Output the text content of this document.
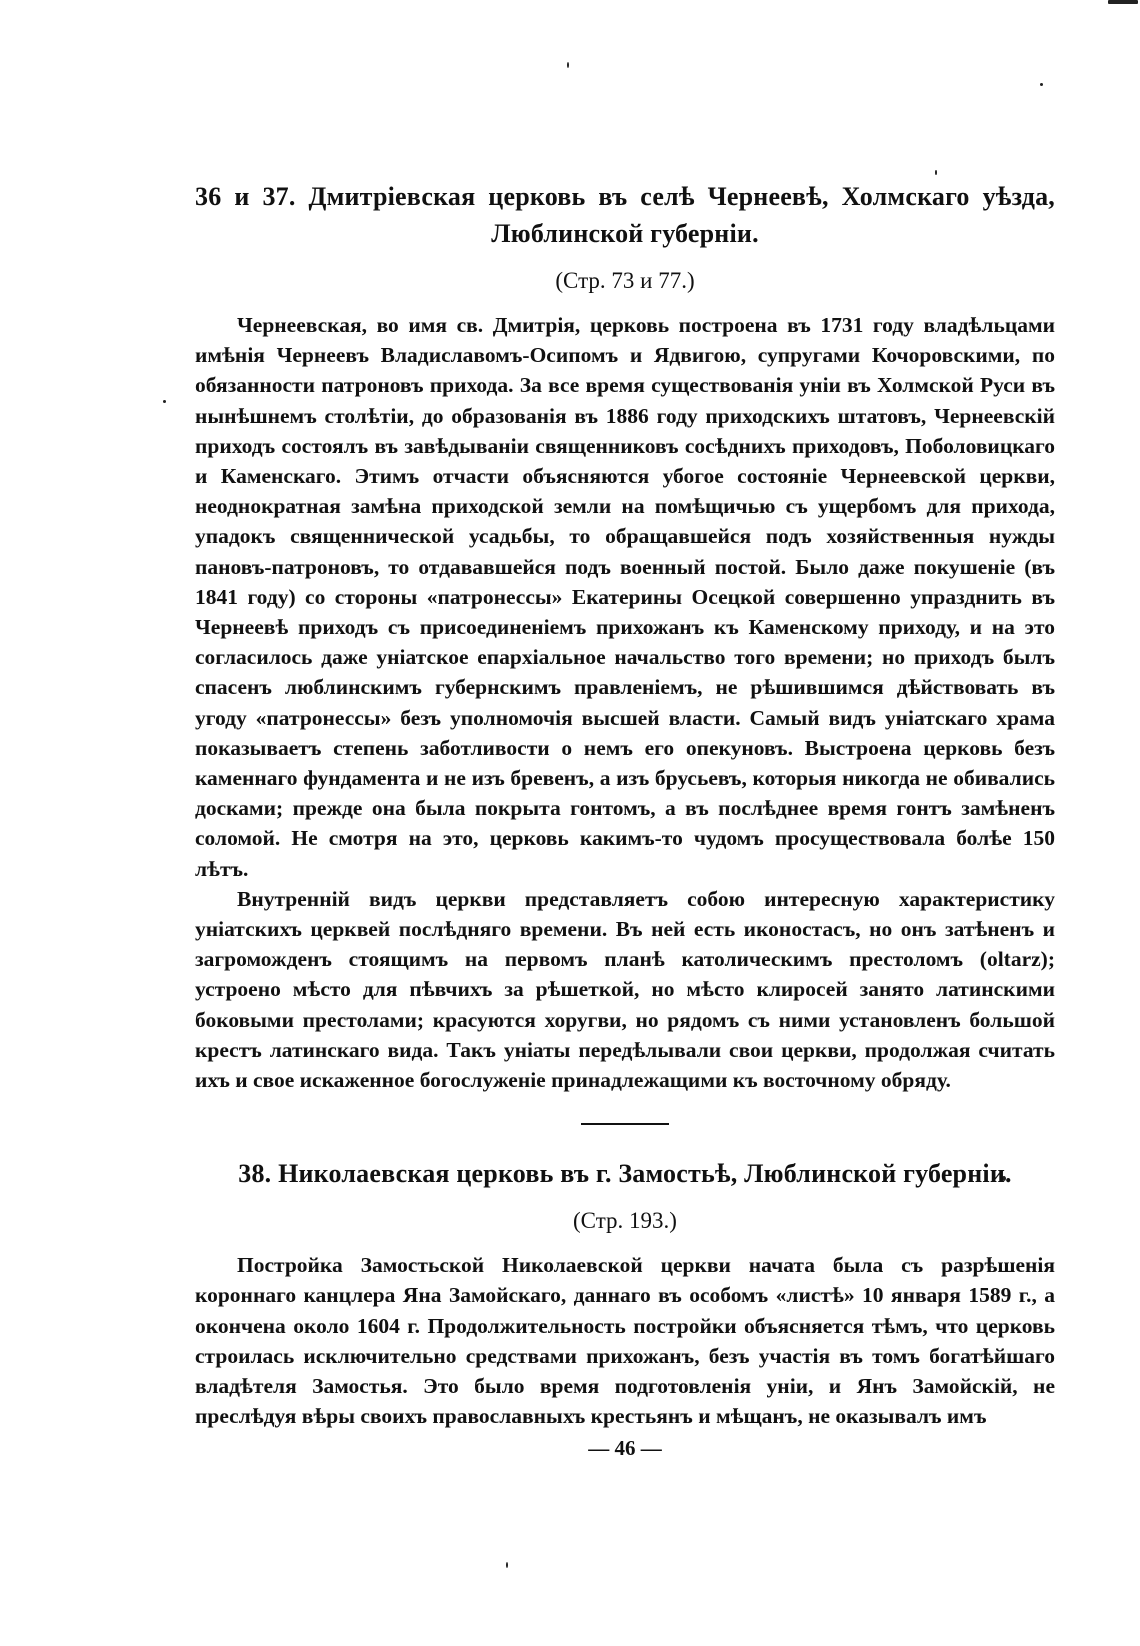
36 и 37. Дмитріевская церковь въ селѣ Чернеевѣ, Холмскаго уѣзда, Люблинской губерніи.
(Стр. 73 и 77.)

Чернеевская, во имя св. Дмитрія, церковь построена въ 1731 году владѣльцами имѣнія Чернеевъ Владиславомъ-Осипомъ и Ядвигою, супругами Кочоровскими, по обязанности патроновъ прихода. За все время существованія уніи въ Холмской Руси въ нынѣшнемъ столѣтіи, до образованія въ 1886 году приходскихъ штатовъ, Чернеевскій приходъ состоялъ въ завѣдываніи священниковъ сосѣднихъ приходовъ, Поболовицкаго и Каменскаго. Этимъ отчасти объясняются убогое состояніе Чернеевской церкви, неоднократная замѣна приходской земли на помѣщичью съ ущербомъ для прихода, упадокъ священнической усадьбы, то обращавшейся подъ хозяйственныя нужды пановъ-патроновъ, то отдававшейся подъ военный постой. Было даже покушеніе (въ 1841 году) со стороны «патронессы» Екатерины Осецкой совершенно упразднить въ Чернеевѣ приходъ съ присоединеніемъ прихожанъ къ Каменскому приходу, и на это согласилось даже уніатское епархіальное начальство того времени; но приходъ былъ спасенъ люблинскимъ губернскимъ правленіемъ, не рѣшившимся дѣйствовать въ угоду «патронессы» безъ уполномочія высшей власти. Самый видъ уніатскаго храма показываетъ степень заботливости о немъ его опекуновъ. Выстроена церковь безъ каменнаго фундамента и не изъ бревенъ, а изъ брусьевъ, которыя никогда не обивались досками; прежде она была покрыта гонтомъ, а въ послѣднее время гонтъ замѣненъ соломой. Не смотря на это, церковь какимъ-то чудомъ просуществовала болѣе 150 лѣтъ.

Внутренній видъ церкви представляетъ собою интересную характеристику уніатскихъ церквей послѣдняго времени. Въ ней есть иконостасъ, но онъ затѣненъ и загроможденъ стоящимъ на первомъ планѣ католическимъ престоломъ (oltarz); устроено мѣсто для пѣвчихъ за рѣшеткой, но мѣсто клиросей занято латинскими боковыми престолами; красуются хоругви, но рядомъ съ ними установленъ большой крестъ латинскаго вида. Такъ уніаты передѣлывали свои церкви, продолжая считать ихъ и свое искаженное богослуженіе принадлежащими къ восточному обряду.

38. Николаевская церковь въ г. Замостьѣ, Люблинской губерніи.
(Стр. 193.)

Постройка Замостьской Николаевской церкви начата была съ разрѣшенія короннаго канцлера Яна Замойскаго, даннаго въ особомъ «листѣ» 10 января 1589 г., а окончена около 1604 г. Продолжительность постройки объясняется тѣмъ, что церковь строилась исключительно средствами прихожанъ, безъ участія въ томъ богатѣйшаго владѣтеля Замостья. Это было время подготовленія уніи, и Янъ Замойскій, не преслѣдуя вѣры своихъ православныхъ крестьянъ и мѣщанъ, не оказывалъ имъ

— 46 —
